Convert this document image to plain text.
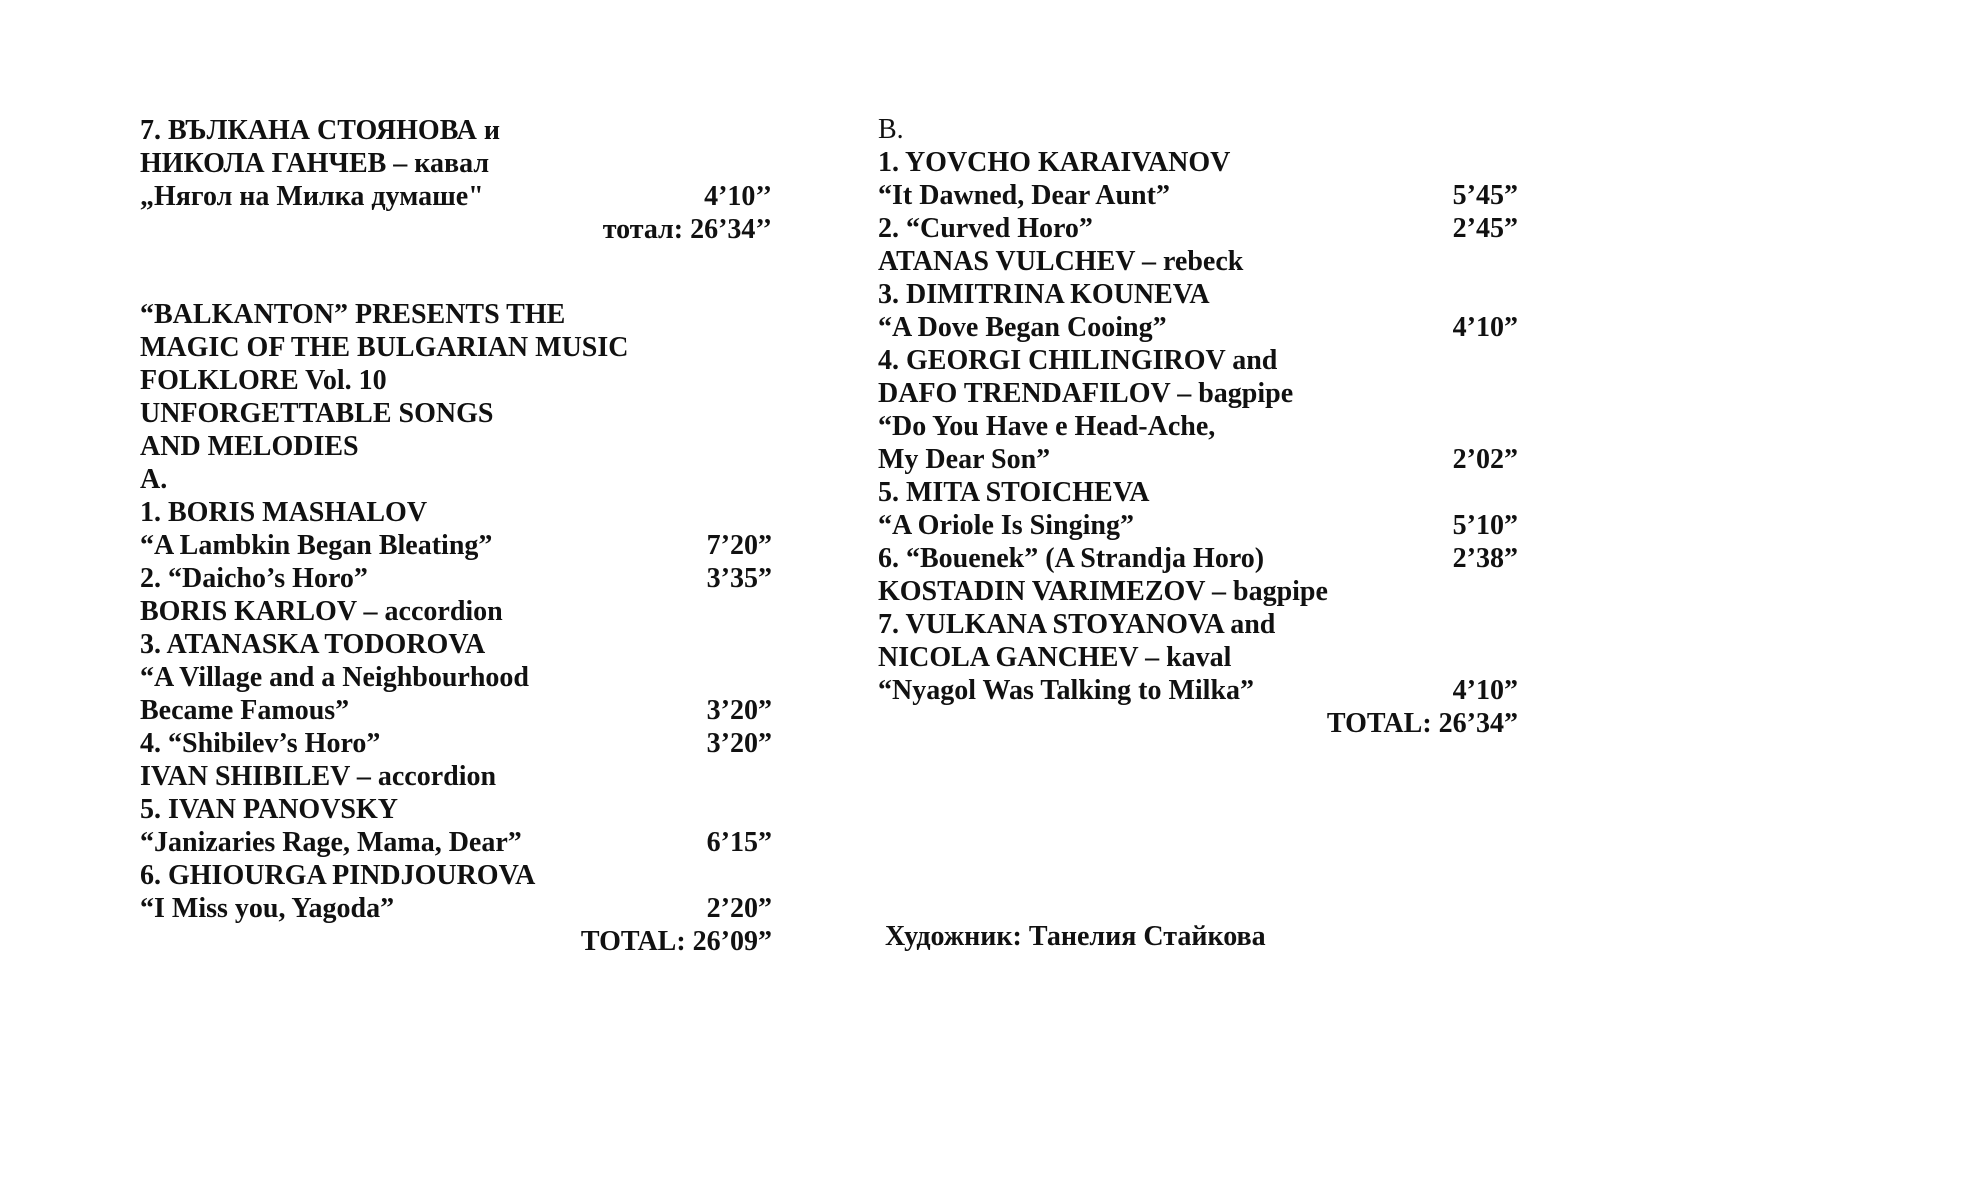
7. ВЪЛКАНА СТОЯНОВА и
НИКОЛА ГАНЧЕВ – кавал
„Нягол на Милка думаше"	4’10’’
тотал: 26’34’’
“BALKANTON” PRESENTS THE
MAGIC OF THE BULGARIAN MUSIC
FOLKLORE Vol. 10
UNFORGETTABLE SONGS
AND MELODIES
A.
1. BORIS MASHALOV
“A Lambkin Began Bleating”	7’20”
2. “Daicho’s Horo”	3’35”
BORIS KARLOV – accordion
3. ATANASKA TODOROVA
“A Village and a Neighbourhood
Became Famous”	3’20”
4. “Shibilev’s Horo”	3’20”
IVAN SHIBILEV – accordion
5. IVAN PANOVSKY
“Janizaries Rage, Mama, Dear”	6’15”
6. GHIOURGA PINDJOUROVA
“I Miss you, Yagoda”	2’20”
TOTAL: 26’09”
B.
1. YOVCHO KARAIVANOV
“It Dawned, Dear Aunt”	5’45”
2. “Curved Horo”	2’45”
ATANAS VULCHEV – rebeck
3. DIMITRINA KOUNEVA
“A Dove Began Cooing”	4’10”
4. GEORGI CHILINGIROV and
DAFO TRENDAFILOV – bagpipe
“Do You Have e Head-Ache,
My Dear Son”	2’02”
5. MITA STOICHEVA
“A Oriole Is Singing”	5’10”
6. “Bouenek” (A Strandja Horo)	2’38”
KOSTADIN VARIMEZOV – bagpipe
7. VULKANA STOYANOVA and
NICOLA GANCHEV – kaval
“Nyagol Was Talking to Milka”	4’10”
TOTAL: 26’34”
Художник: Танелия Стайкова
